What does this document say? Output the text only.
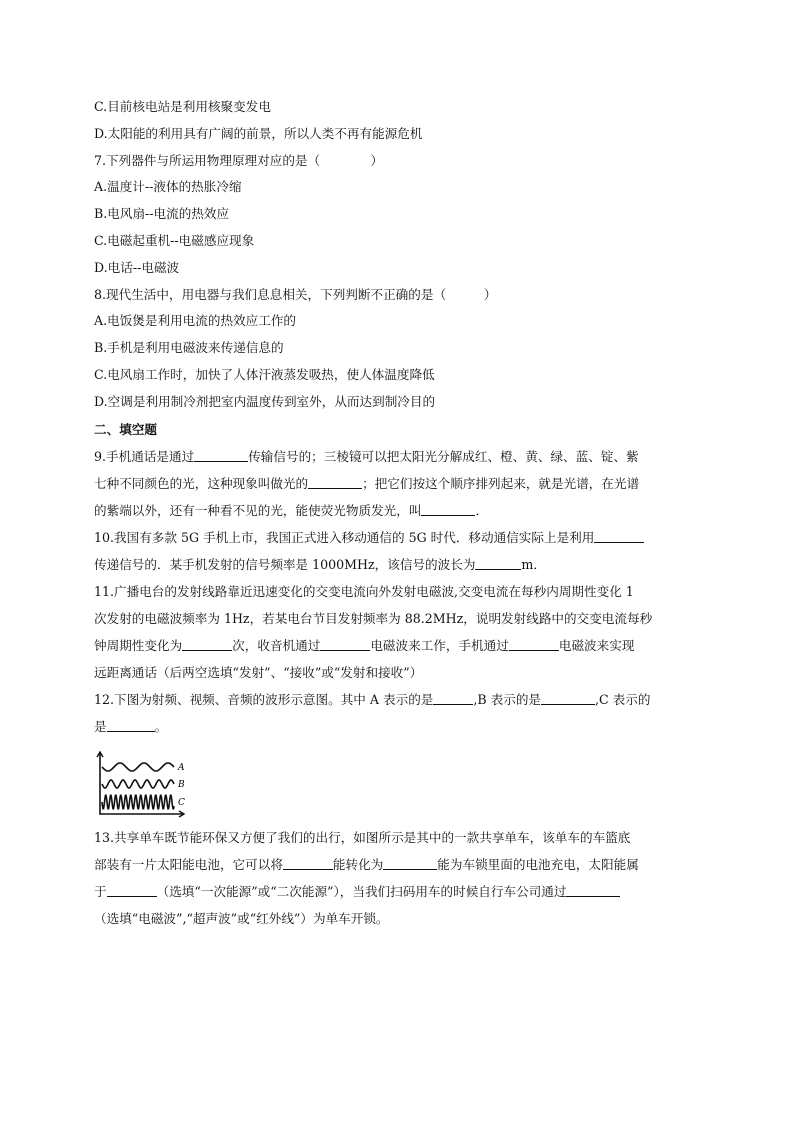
C.目前核电站是利用核聚变发电
D.太阳能的利用具有广阔的前景，所以人类不再有能源危机
7.下列器件与所运用物理原理对应的是（　　　　）
A.温度计--液体的热胀冷缩
B.电风扇--电流的热效应
C.电磁起重机--电磁感应现象
D.电话--电磁波
8.现代生活中，用电器与我们息息相关，下列判断不正确的是（　　　）
A.电饭煲是利用电流的热效应工作的
B.手机是利用电磁波来传递信息的
C.电风扇工作时，加快了人体汗液蒸发吸热，使人体温度降低
D.空调是利用制冷剂把室内温度传到室外，从而达到制冷目的
二、填空题
9.手机通话是通过	传输信号的；三棱镜可以把太阳光分解成红、橙、黄、绿、蓝、锭、紫
七种不同颜色的光，这种现象叫做光的	；把它们按这个顺序排列起来，就是光谱，在光谱
的紫端以外，还有一种看不见的光，能使荧光物质发光，叫	．
10.我国有多款 5G 手机上市，我国正式进入移动通信的 5G 时代．移动通信实际上是利用
传递信号的．某手机发射的信号频率是 1000MHz，该信号的波长为	m．
11.广播电台的发射线路靠近迅速变化的交变电流向外发射电磁波,交变电流在每秒内周期性变化 1
次发射的电磁波频率为 1Hz，若某电台节目发射频率为 88.2MHz，说明发射线路中的交变电流每秒
钟周期性变化为	次，收音机通过	电磁波来工作，手机通过	电磁波来实现
远距离通话（后两空选填“发射”、“接收”或“发射和接收”）
12.下图为射频、视频、音频的波形示意图。其中 A 表示的是	,B 表示的是	,C 表示的
是	。
13.共享单车既节能环保又方便了我们的出行，如图所示是其中的一款共享单车，该单车的车篮底
部装有一片太阳能电池，它可以将	能转化为	能为车锁里面的电池充电，太阳能属
于	（选填“一次能源”或“二次能源”），当我们扫码用车的时候自行车公司通过
（选填“电磁波”,“超声波”或“红外线”）为单车开锁。
A
B
C
